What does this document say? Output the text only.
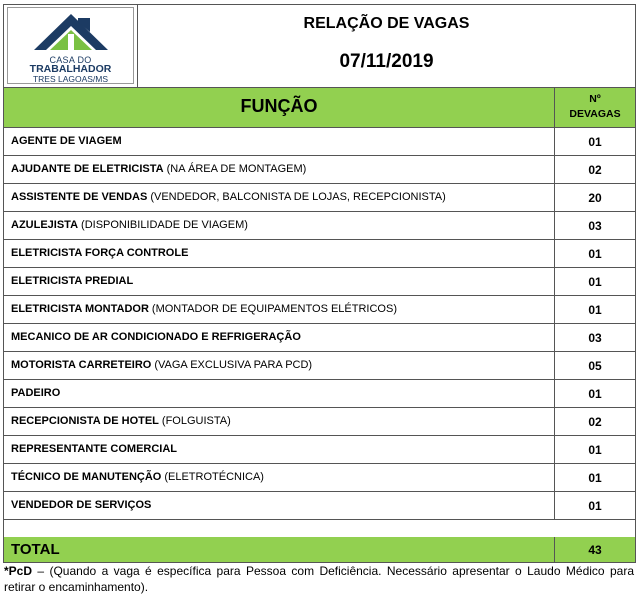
CASA DO
TRABALHADOR
TRES LAGOAS/MS
RELAÇÃO DE VAGAS
07/11/2019
FUNÇÃO	Nº
DEVAGAS
AGENTE DE VIAGEM	01
AJUDANTE DE ELETRICISTA (NA ÁREA DE MONTAGEM)	02
ASSISTENTE DE VENDAS (VENDEDOR, BALCONISTA DE LOJAS, RECEPCIONISTA)	20
AZULEJISTA (DISPONIBILIDADE DE VIAGEM)	03
ELETRICISTA FORÇA CONTROLE	01
ELETRICISTA PREDIAL	01
ELETRICISTA MONTADOR (MONTADOR DE EQUIPAMENTOS ELÉTRICOS)	01
MECANICO DE AR CONDICIONADO E REFRIGERAÇÃO	03
MOTORISTA CARRETEIRO (VAGA EXCLUSIVA PARA PCD)	05
PADEIRO	01
RECEPCIONISTA DE HOTEL (FOLGUISTA)	02
REPRESENTANTE COMERCIAL	01
TÉCNICO DE MANUTENÇÃO (ELETROTÉCNICA)	01
VENDEDOR DE SERVIÇOS	01
TOTAL	43
*PcD – (Quando a vaga é específica para Pessoa com Deficiência. Necessário apresentar o Laudo Médico para retirar o encaminhamento).
